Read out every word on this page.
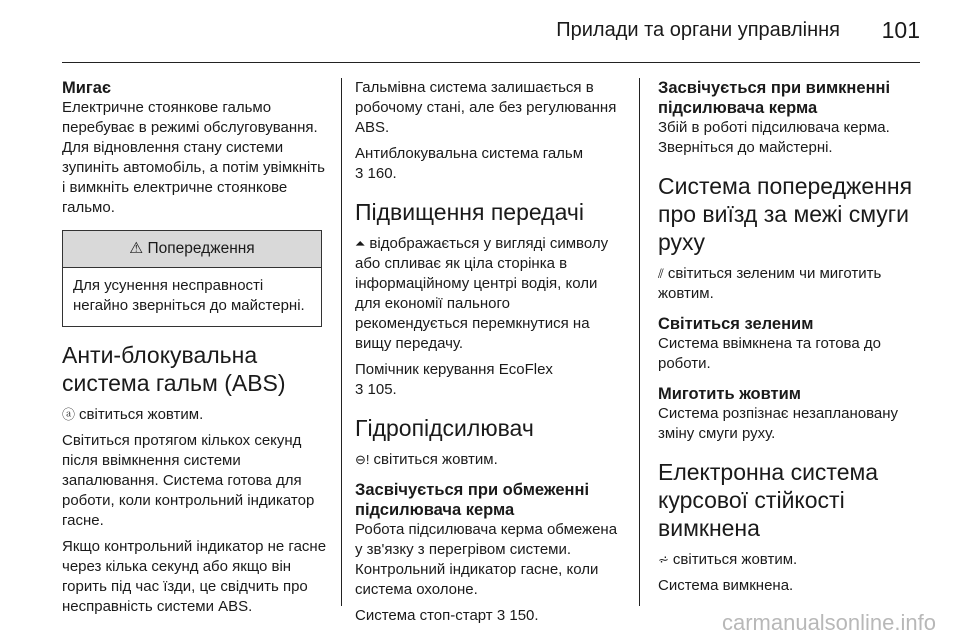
Прилади та органи управління 101
Мигає

Електричне стоянкове гальмо перебуває в режимі обслуговування. Для відновлення стану системи зупиніть автомобіль, а потім увімкніть і вимкніть електричне стоянкове гальмо.

⚠ Попередження
Для усунення несправності негайно зверніться до майстерні.
Анти-блокувальна система гальм (ABS)

ⓐ світиться жовтим.

Світиться протягом кількох секунд після ввімкнення системи запалювання. Система готова для роботи, коли контрольний індикатор гасне.

Якщо контрольний індикатор не гасне через кілька секунд або якщо він горить під час їзди, це свідчить про несправність системи ABS.

Гальмівна система залишається в робочому стані, але без регулювання ABS.

Антиблокувальна система гальм
3 160.

Підвищення передачі

⏶ відображається у вигляді символу або спливає як ціла сторінка в інформаційному центрі водія, коли для економії пального рекомендується перемкнутися на вищу передачу.

Помічник керування EcoFlex
3 105.

Гідропідсилювач

⊖! світиться жовтим.

Засвічується при обмеженні підсилювача керма

Робота підсилювача керма обмежена у зв'язку з перегрівом системи. Контрольний індикатор гасне, коли система охолоне.

Система стоп-старт 3 150.

Засвічується при вимкненні підсилювача керма

Збій в роботі підсилювача керма. Зверніться до майстерні.

Система попередження про виїзд за межі смуги руху

⫽ світиться зеленим чи миготить жовтим.

Світиться зеленим

Система ввімкнена та готова до роботи.

Миготить жовтим

Система розпізнає незаплановану зміну смуги руху.

Електронна система курсової стійкості вимкнена

⩫ світиться жовтим.

Система вимкнена.

carmanualsonline.info
